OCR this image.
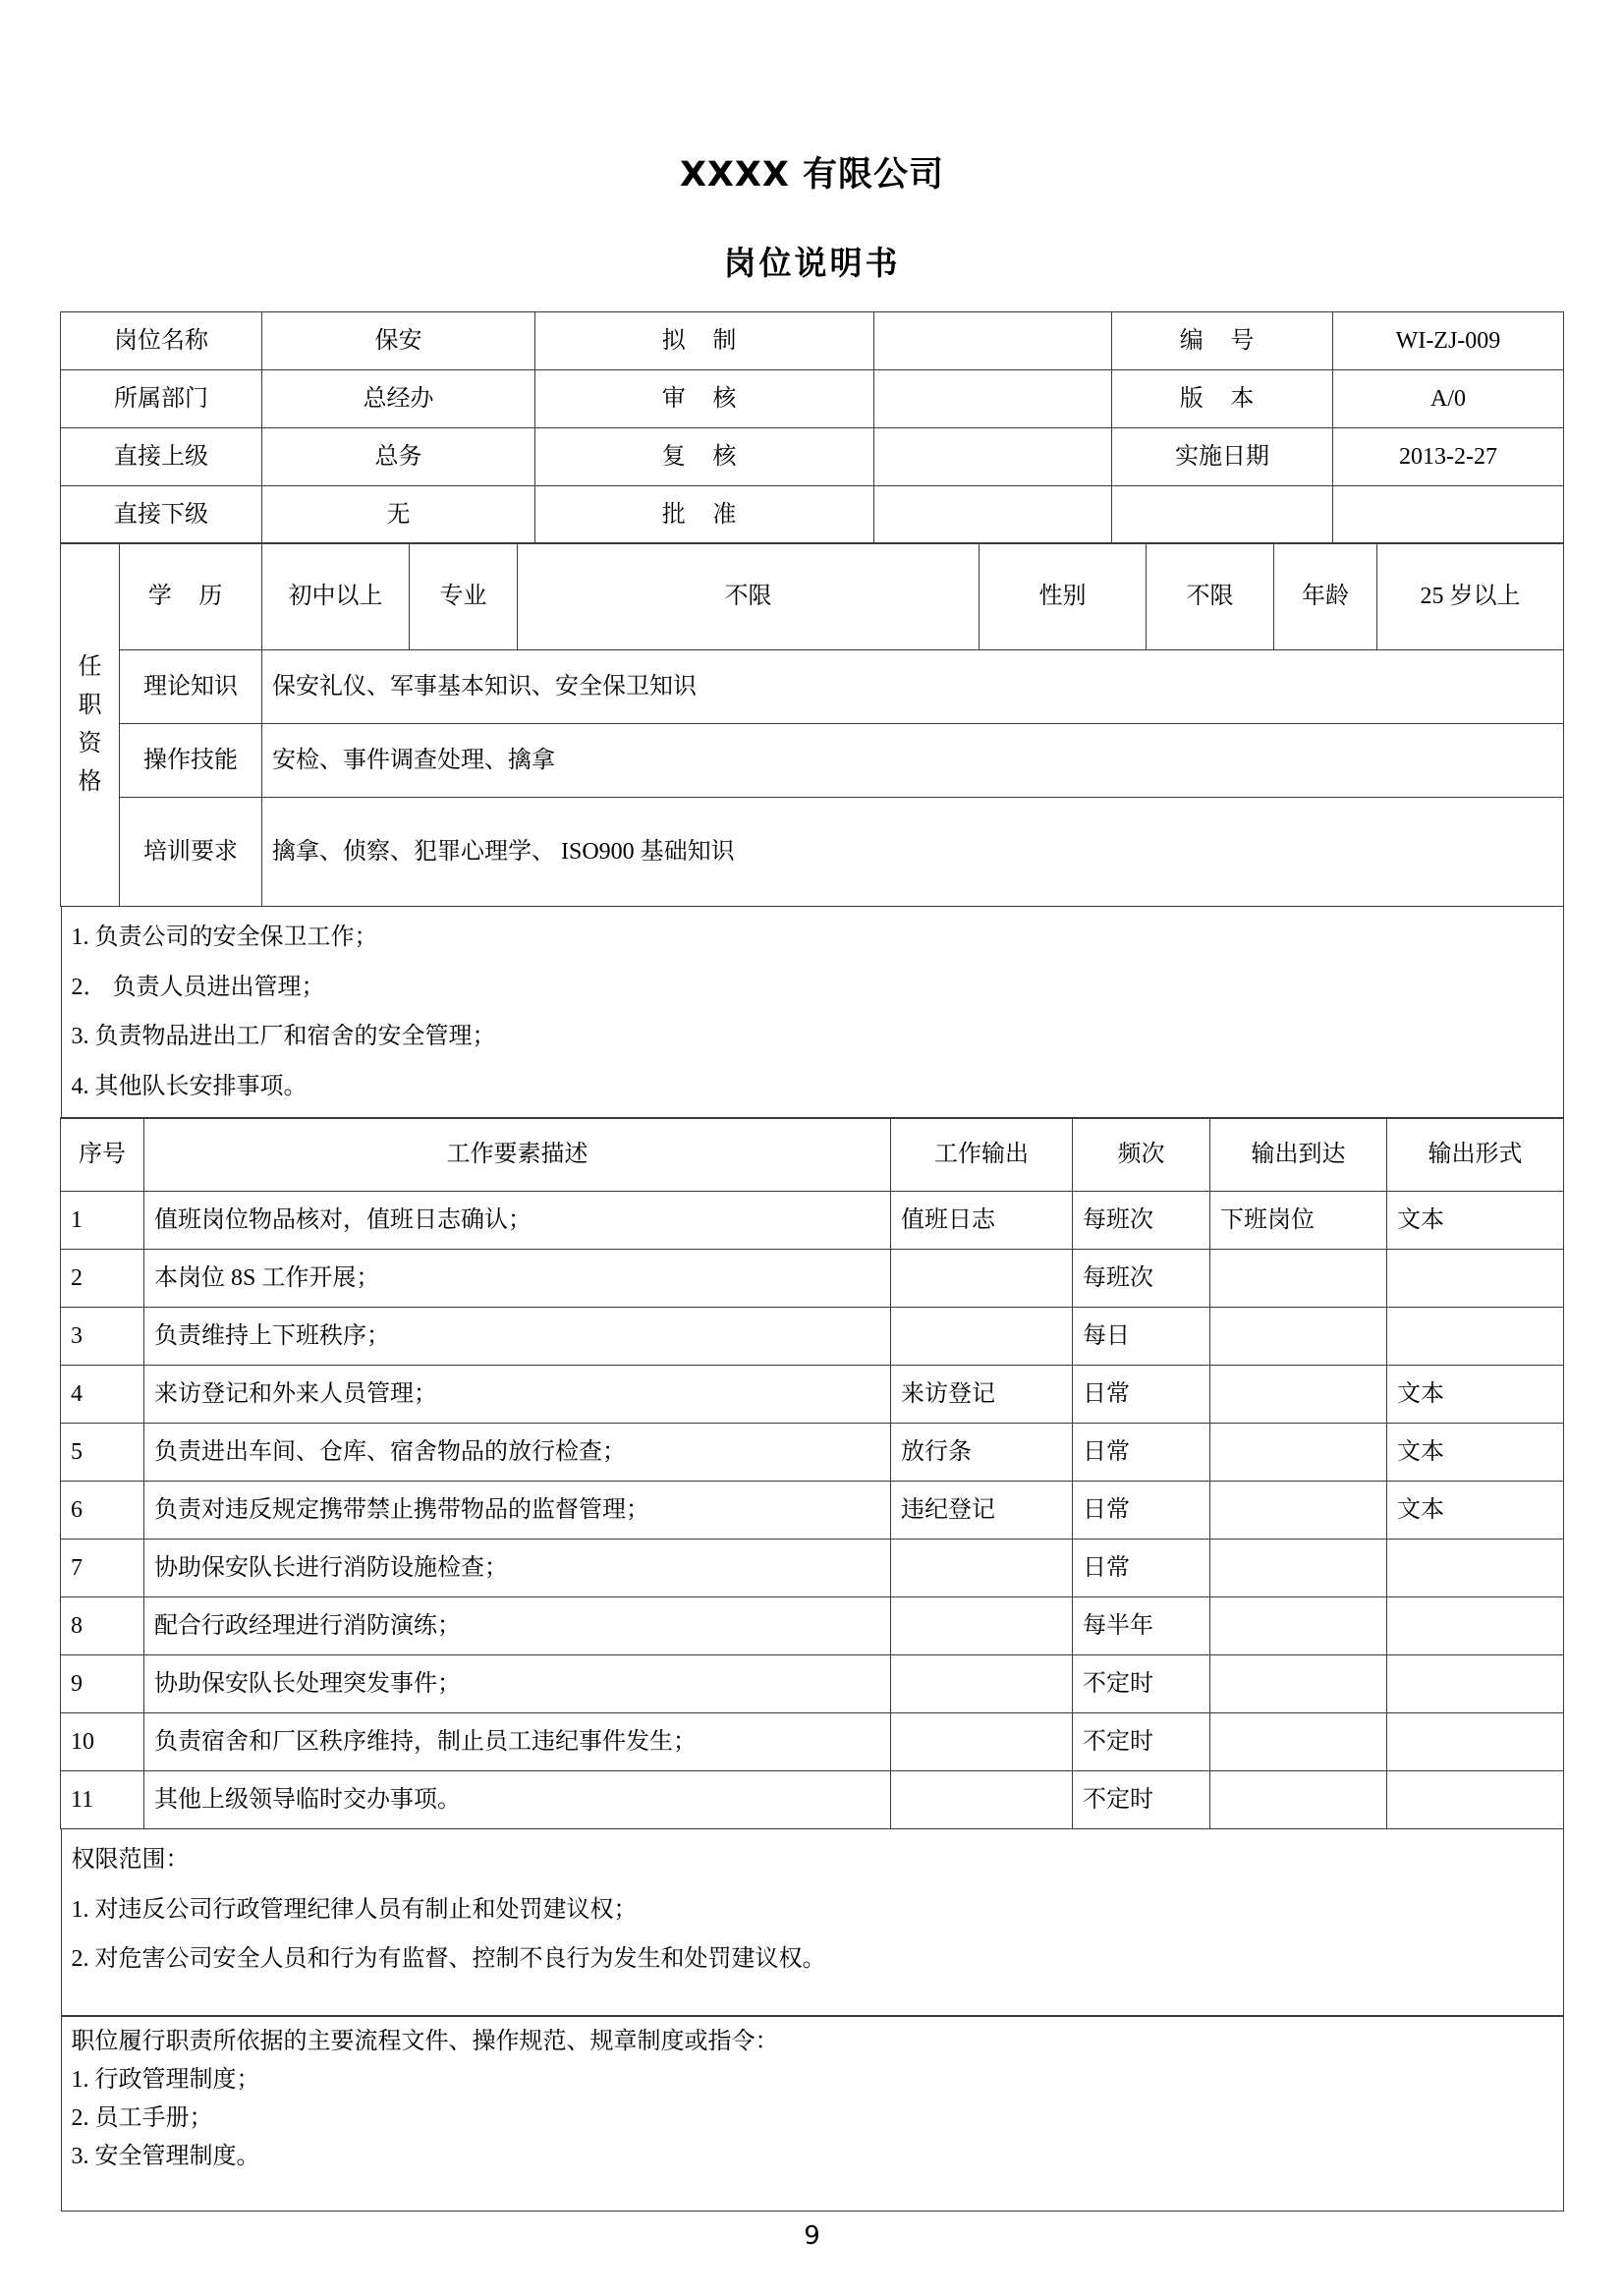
XXXX 有限公司
岗位说明书
岗位名称	保安	拟 制		编 号	WI-ZJ-009
所属部门	总经办	审 核		版 本	A/0
直接上级	总务	复 核		实施日期	2013-2-27
直接下级	无	批 准			
任
职
资
格	学 历	初中以上	专业	不限	性别	不限	年龄	25 岁以上
	理论知识	保安礼仪、军事基本知识、安全保卫知识						
	操作技能	安检、事件调查处理、擒拿						
	培训要求	擒拿、侦察、犯罪心理学、 ISO900 基础知识						

1. 负责公司的安全保卫工作；

2． 负责人员进出管理；

3. 负责物品进出工厂和宿舍的安全管理；

4. 其他队长安排事项。

序号	工作要素描述	工作输出	频次	输出到达	输出形式
1	值班岗位物品核对，值班日志确认；	值班日志	每班次	下班岗位	文本
2	本岗位 8S 工作开展；		每班次		
3	负责维持上下班秩序；		每日		
4	来访登记和外来人员管理；	来访登记	日常		文本
5	负责进出车间、仓库、宿舍物品的放行检查；	放行条	日常		文本
6	负责对违反规定携带禁止携带物品的监督管理；	违纪登记	日常		文本
7	协助保安队长进行消防设施检查；		日常		
8	配合行政经理进行消防演练；		每半年		
9	协助保安队长处理突发事件；		不定时		
10	负责宿舍和厂区秩序维持，制止员工违纪事件发生；		不定时		
11	其他上级领导临时交办事项。		不定时		

权限范围：

1. 对违反公司行政管理纪律人员有制止和处罚建议权；

2. 对危害公司安全人员和行为有监督、控制不良行为发生和处罚建议权。

职位履行职责所依据的主要流程文件、操作规范、规章制度或指令：

1. 行政管理制度；

2. 员工手册；

3. 安全管理制度。

9
